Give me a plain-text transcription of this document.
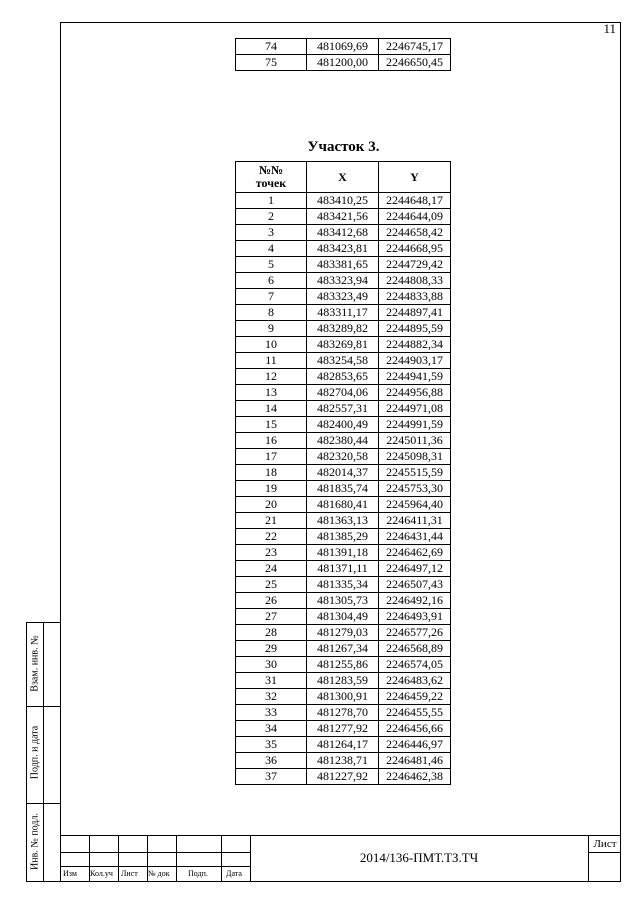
11
74	481069,69	2246745,17
75	481200,00	2246650,45
Участок 3.
№№
точек	X	Y
1	483410,25	2244648,17
2	483421,56	2244644,09
3	483412,68	2244658,42
4	483423,81	2244668,95
5	483381,65	2244729,42
6	483323,94	2244808,33
7	483323,49	2244833,88
8	483311,17	2244897,41
9	483289,82	2244895,59
10	483269,81	2244882,34
11	483254,58	2244903,17
12	482853,65	2244941,59
13	482704,06	2244956,88
14	482557,31	2244971,08
15	482400,49	2244991,59
16	482380,44	2245011,36
17	482320,58	2245098,31
18	482014,37	2245515,59
19	481835,74	2245753,30
20	481680,41	2245964,40
21	481363,13	2246411,31
22	481385,29	2246431,44
23	481391,18	2246462,69
24	481371,11	2246497,12
25	481335,34	2246507,43
26	481305,73	2246492,16
27	481304,49	2246493,91
28	481279,03	2246577,26
29	481267,34	2246568,89
30	481255,86	2246574,05
31	481283,59	2246483,62
32	481300,91	2246459,22
33	481278,70	2246455,55
34	481277,92	2246456,66
35	481264,17	2246446,97
36	481238,71	2246481,46
37	481227,92	2246462,38
Взам. инв. №
Подп. и дата
Инв. № подл.
Изм Кол.уч Лист № док Подп. Дата
2014/136-ПМТ.ТЗ.ТЧ
Лист
